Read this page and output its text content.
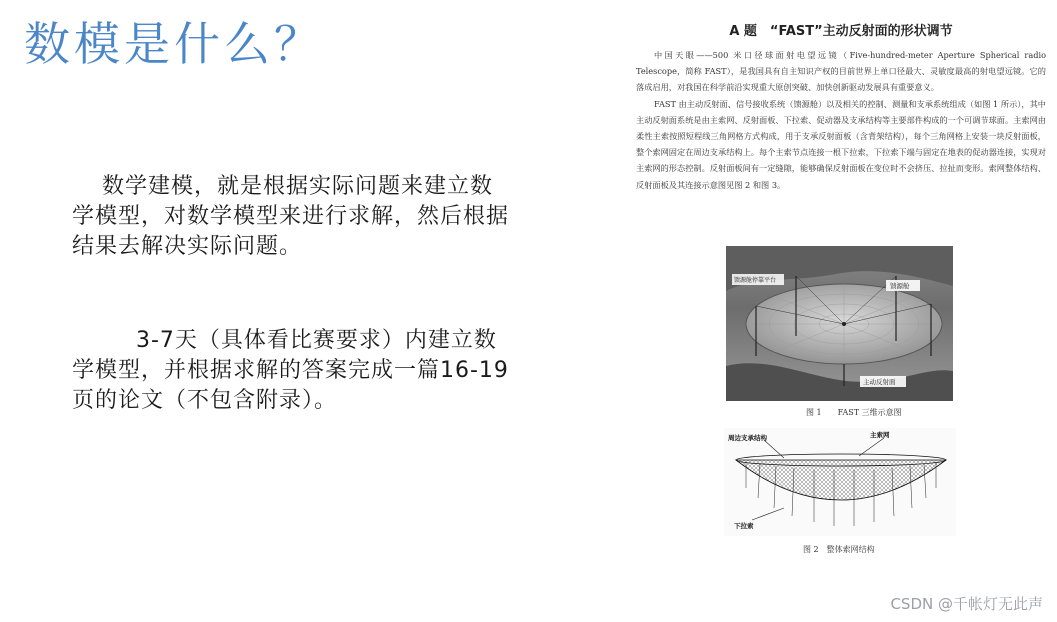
数模是什么？
数学建模，就是根据实际问题来建立数学模型，对数学模型来进行求解，然后根据结果去解决实际问题。
3-7天（具体看比赛要求）内建立数学模型，并根据求解的答案完成一篇16-19页的论文（不包含附录）。
A 题　“FAST”主动反射面的形状调节

中国天眼——500 米口径球面射电望远镜（Five-hundred-meter Aperture Spherical radio Telescope，简称 FAST），是我国具有自主知识产权的目前世界上单口径最大、灵敏度最高的射电望远镜。它的落成启用，对我国在科学前沿实现重大原创突破、加快创新驱动发展具有重要意义。

FAST 由主动反射面、信号接收系统（馈源舱）以及相关的控制、测量和支承系统组成（如图 1 所示），其中主动反射面系统是由主索网、反射面板、下拉索、促动器及支承结构等主要部件构成的一个可调节球面。主索网由柔性主索按照短程线三角网格方式构成，用于支承反射面板（含背架结构），每个三角网格上安装一块反射面板，整个索网固定在周边支承结构上。每个主索节点连接一根下拉索，下拉索下端与固定在地表的促动器连接，实现对主索网的形态控制。反射面板间有一定缝隙，能够确保反射面板在变位时不会挤压、拉扯而变形。索网整体结构、反射面板及其连接示意图见图 2 和图 3。

馈源舱停靠平台
馈源舱
主动反射面
图 1　　FAST 三维示意图
周边支承结构	主索网
下拉索
图 2　整体索网结构
CSDN @千帐灯无此声
